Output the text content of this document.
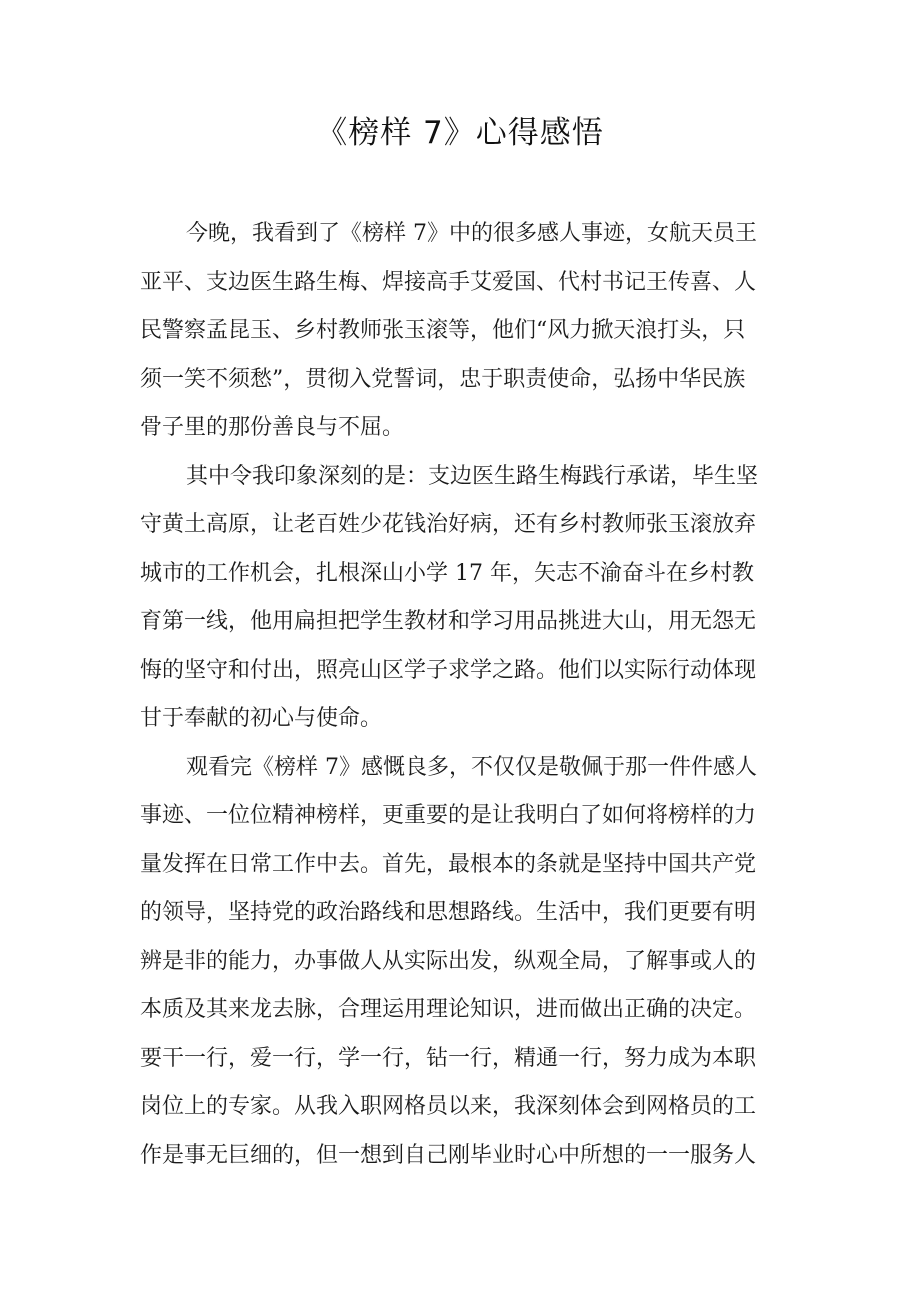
《榜样 7》心得感悟
今晚，我看到了《榜样 7》中的很多感人事迹，女航天员王
亚平、支边医生路生梅、焊接高手艾爱国、代村书记王传喜、人
民警察孟昆玉、乡村教师张玉滚等，他们“风力掀天浪打头，只
须一笑不须愁”，贯彻入党誓词，忠于职责使命，弘扬中华民族
骨子里的那份善良与不屈。
其中令我印象深刻的是：支边医生路生梅践行承诺，毕生坚
守黄土高原，让老百姓少花钱治好病，还有乡村教师张玉滚放弃
城市的工作机会，扎根深山小学 17 年，矢志不渝奋斗在乡村教
育第一线，他用扁担把学生教材和学习用品挑进大山，用无怨无
悔的坚守和付出，照亮山区学子求学之路。他们以实际行动体现
甘于奉献的初心与使命。
观看完《榜样 7》感慨良多，不仅仅是敬佩于那一件件感人
事迹、一位位精神榜样，更重要的是让我明白了如何将榜样的力
量发挥在日常工作中去。首先，最根本的条就是坚持中国共产党
的领导，坚持党的政治路线和思想路线。生活中，我们更要有明
辨是非的能力，办事做人从实际出发，纵观全局，了解事或人的
本质及其来龙去脉，合理运用理论知识，进而做出正确的决定。
要干一行，爱一行，学一行，钻一行，精通一行，努力成为本职
岗位上的专家。从我入职网格员以来，我深刻体会到网格员的工
作是事无巨细的，但一想到自己刚毕业时心中所想的一一服务人
